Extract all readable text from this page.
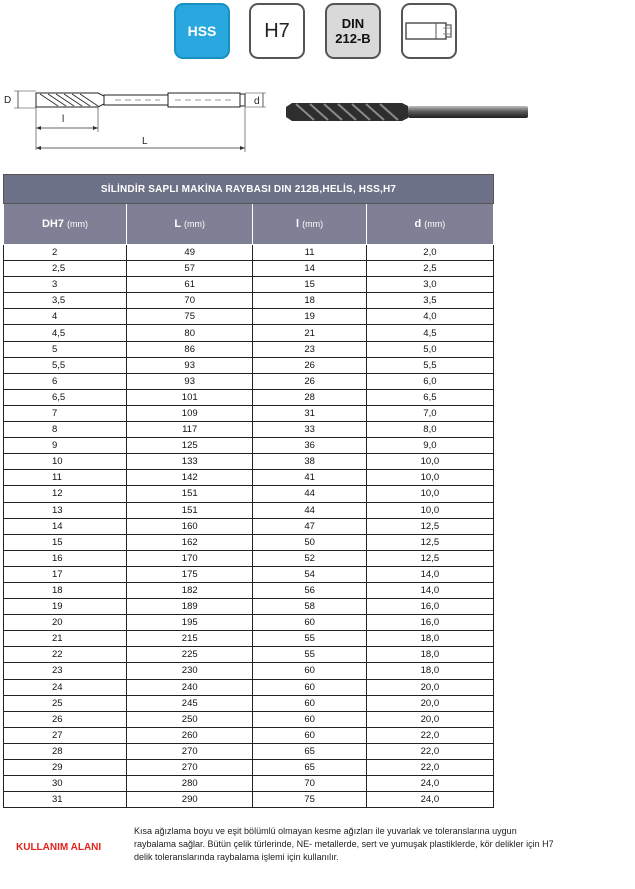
HSS H7	DIN
212-B
D	d
l
L
SİLİNDİR SAPLI MAKİNA RAYBASI DIN 212B,HELİS, HSS,H7			
DH7 (mm)	L (mm)	l (mm)	d (mm)
2	49	11	2,0
2,5	57	14	2,5
3	61	15	3,0
3,5	70	18	3,5
4	75	19	4,0
4,5	80	21	4,5
5	86	23	5,0
5,5	93	26	5,5
6	93	26	6,0
6,5	101	28	6,5
7	109	31	7,0
8	117	33	8,0
9	125	36	9,0
10	133	38	10,0
11	142	41	10,0
12	151	44	10,0
13	151	44	10,0
14	160	47	12,5
15	162	50	12,5
16	170	52	12,5
17	175	54	14,0
18	182	56	14,0
19	189	58	16,0
20	195	60	16,0
21	215	55	18,0
22	225	55	18,0
23	230	60	18,0
24	240	60	20,0
25	245	60	20,0
26	250	60	20,0
27	260	60	22,0
28	270	65	22,0
29	270	65	22,0
30	280	70	24,0
31	290	75	24,0
KULLANIM ALANI
Kısa ağızlama boyu ve eşit bölümlü olmayan kesme ağızları ile yuvarlak ve toleranslarına uygun raybalama sağlar. Bütün çelik türlerinde, NE- metallerde, sert ve yumuşak plastiklerde, kör delikler için H7 delik toleranslarında raybalama işlemi için kullanılır.
